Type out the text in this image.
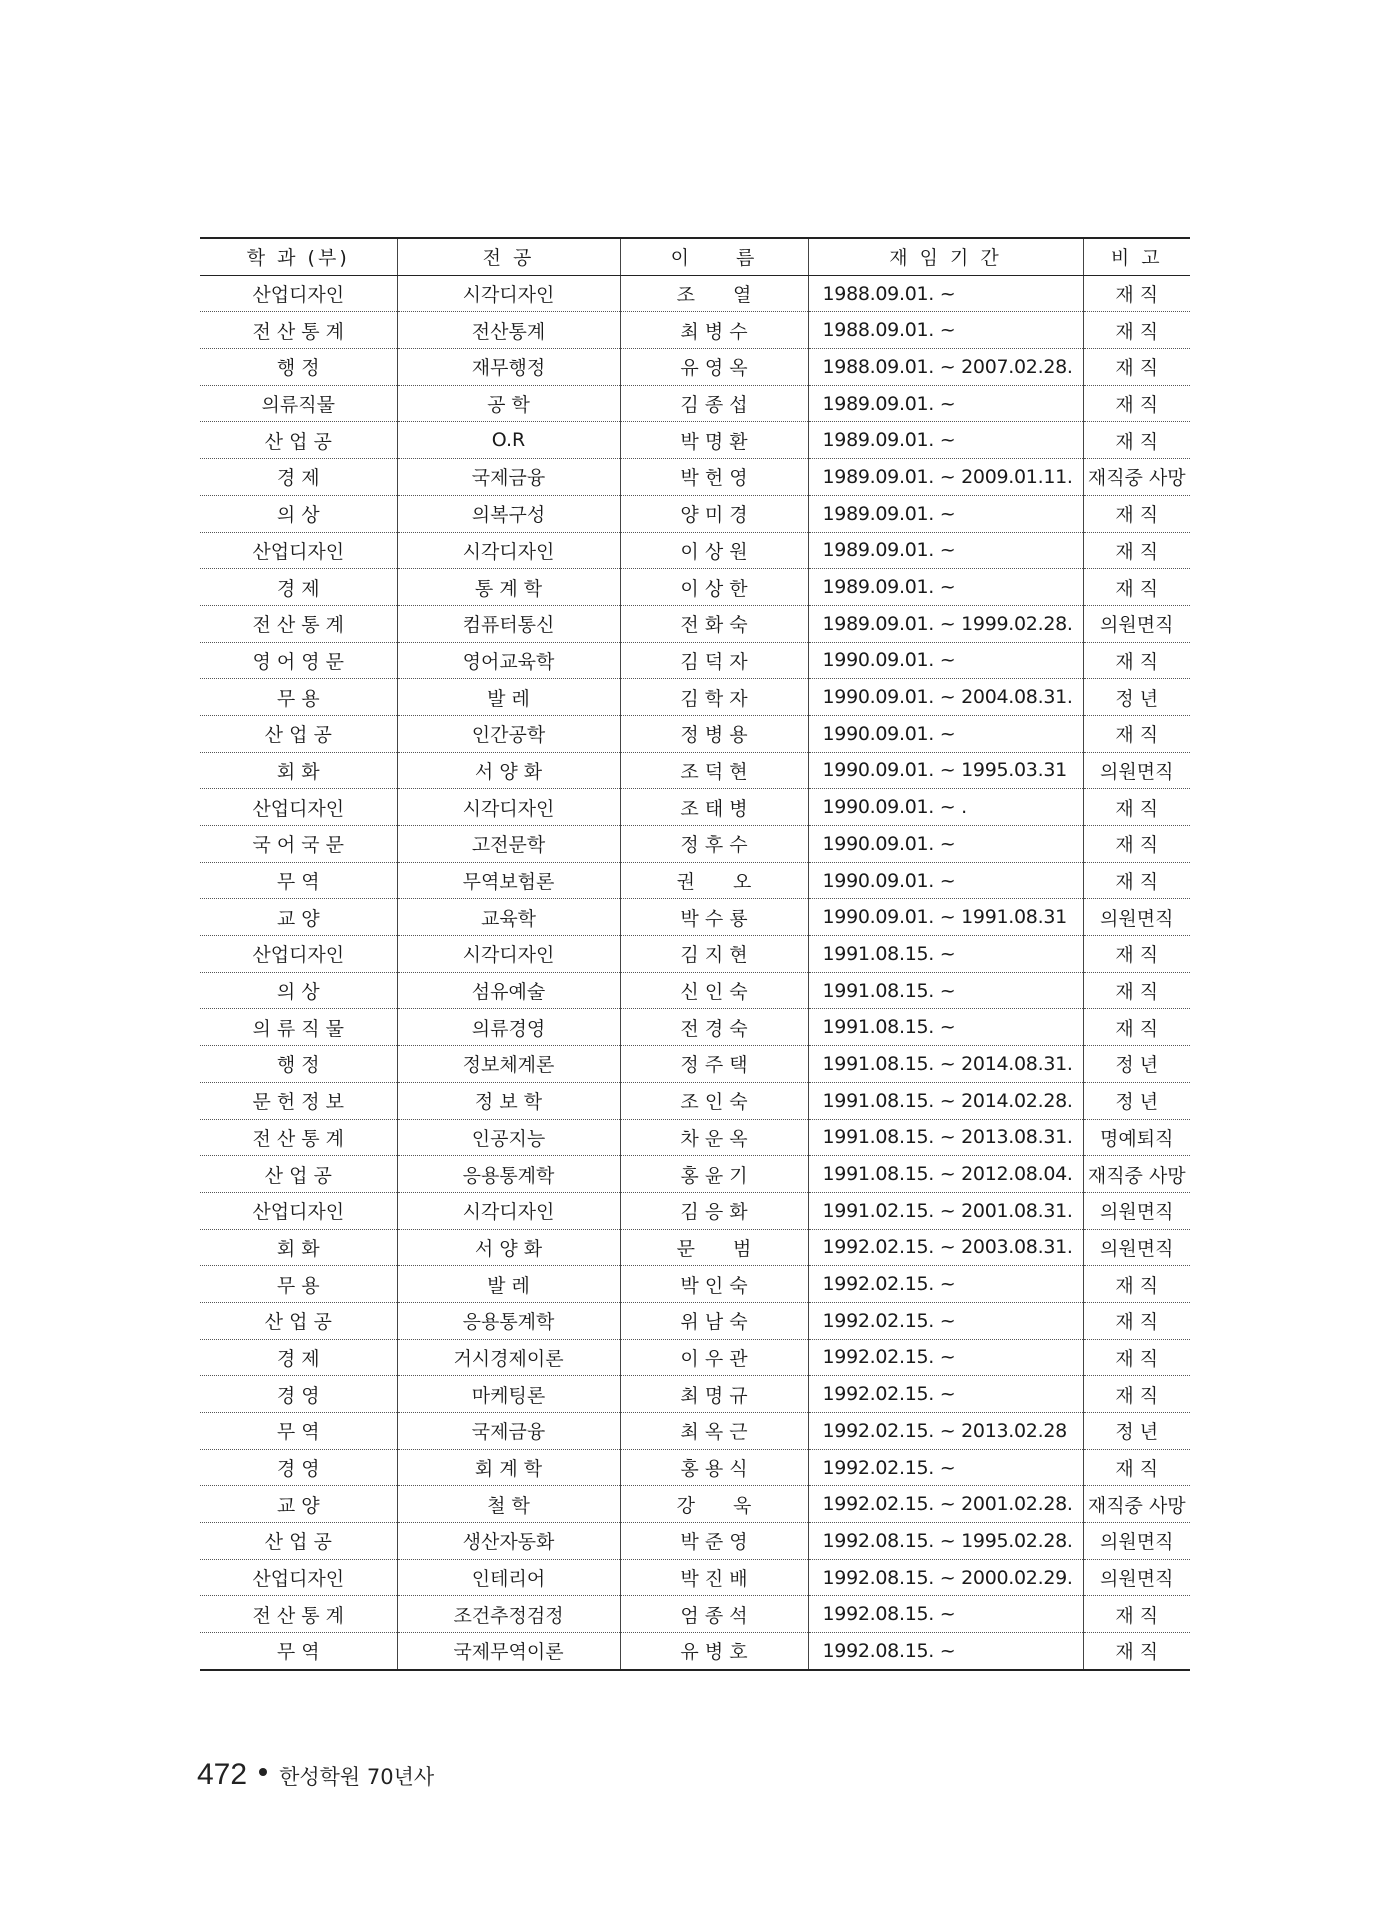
학 과 (부)	전 공	이　　름	재 임 기 간	비 고
산업디자인	시각디자인	조　　열	1988.09.01. ~	재 직
전 산 통 계	전산통계	최 병 수	1988.09.01. ~	재 직
행 정	재무행정	유 영 옥	1988.09.01. ~ 2007.02.28.	재 직
의류직물	공 학	김 종 섭	1989.09.01. ~	재 직
산 업 공	O.R	박 명 환	1989.09.01. ~	재 직
경 제	국제금융	박 헌 영	1989.09.01. ~ 2009.01.11.	재직중 사망
의 상	의복구성	양 미 경	1989.09.01. ~	재 직
산업디자인	시각디자인	이 상 원	1989.09.01. ~	재 직
경 제	통 계 학	이 상 한	1989.09.01. ~	재 직
전 산 통 계	컴퓨터통신	전 화 숙	1989.09.01. ~ 1999.02.28.	의원면직
영 어 영 문	영어교육학	김 덕 자	1990.09.01. ~	재 직
무 용	발 레	김 학 자	1990.09.01. ~ 2004.08.31.	정 년
산 업 공	인간공학	정 병 용	1990.09.01. ~	재 직
회 화	서 양 화	조 덕 현	1990.09.01. ~ 1995.03.31	의원면직
산업디자인	시각디자인	조 태 병	1990.09.01. ~ .	재 직
국 어 국 문	고전문학	정 후 수	1990.09.01. ~	재 직
무 역	무역보험론	권　　오	1990.09.01. ~	재 직
교 양	교육학	박 수 룡	1990.09.01. ~ 1991.08.31	의원면직
산업디자인	시각디자인	김 지 현	1991.08.15. ~	재 직
의 상	섬유예술	신 인 숙	1991.08.15. ~	재 직
의 류 직 물	의류경영	전 경 숙	1991.08.15. ~	재 직
행 정	정보체계론	정 주 택	1991.08.15. ~ 2014.08.31.	정 년
문 헌 정 보	정 보 학	조 인 숙	1991.08.15. ~ 2014.02.28.	정 년
전 산 통 계	인공지능	차 운 옥	1991.08.15. ~ 2013.08.31.	명예퇴직
산 업 공	응용통계학	홍 윤 기	1991.08.15. ~ 2012.08.04.	재직중 사망
산업디자인	시각디자인	김 응 화	1991.02.15. ~ 2001.08.31.	의원면직
회 화	서 양 화	문　　범	1992.02.15. ~ 2003.08.31.	의원면직
무 용	발 레	박 인 숙	1992.02.15. ~	재 직
산 업 공	응용통계학	위 남 숙	1992.02.15. ~	재 직
경 제	거시경제이론	이 우 관	1992.02.15. ~	재 직
경 영	마케팅론	최 명 규	1992.02.15. ~	재 직
무 역	국제금융	최 옥 근	1992.02.15. ~ 2013.02.28	정 년
경 영	회 계 학	홍 용 식	1992.02.15. ~	재 직
교 양	철 학	강　　욱	1992.02.15. ~ 2001.02.28.	재직중 사망
산 업 공	생산자동화	박 준 영	1992.08.15. ~ 1995.02.28.	의원면직
산업디자인	인테리어	박 진 배	1992.08.15. ~ 2000.02.29.	의원면직
전 산 통 계	조건추정검정	엄 종 석	1992.08.15. ~	재 직
무 역	국제무역이론	유 병 호	1992.08.15. ~	재 직
472 한성학원 70년사
